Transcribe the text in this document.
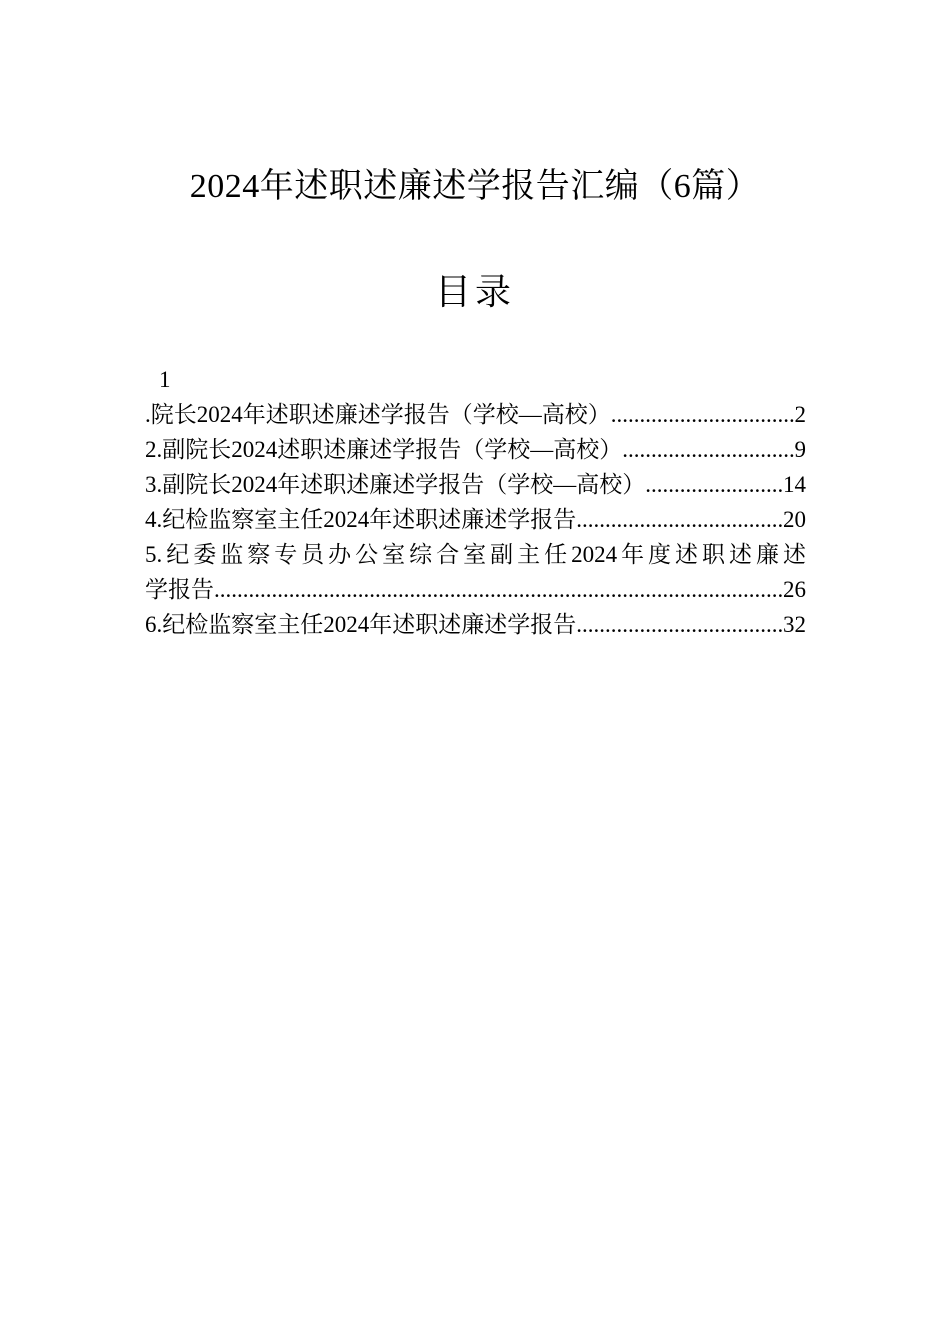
2024年述职述廉述学报告汇编（6篇）
目录
1
.院长2024年述职述廉述学报告（学校—高校） .....	2
2.副院长2024述职述廉述学报告（学校—高校） .....	9
3.副院长2024年述职述廉述学报告（学校—高校） .....	14
4.纪检监察室主任2024年述职述廉述学报告 .....	20
5.纪委监察专员办公室综合室副主任2024年度述职述廉述
学报告 .....	26
6.纪检监察室主任2024年述职述廉述学报告 .....	32
